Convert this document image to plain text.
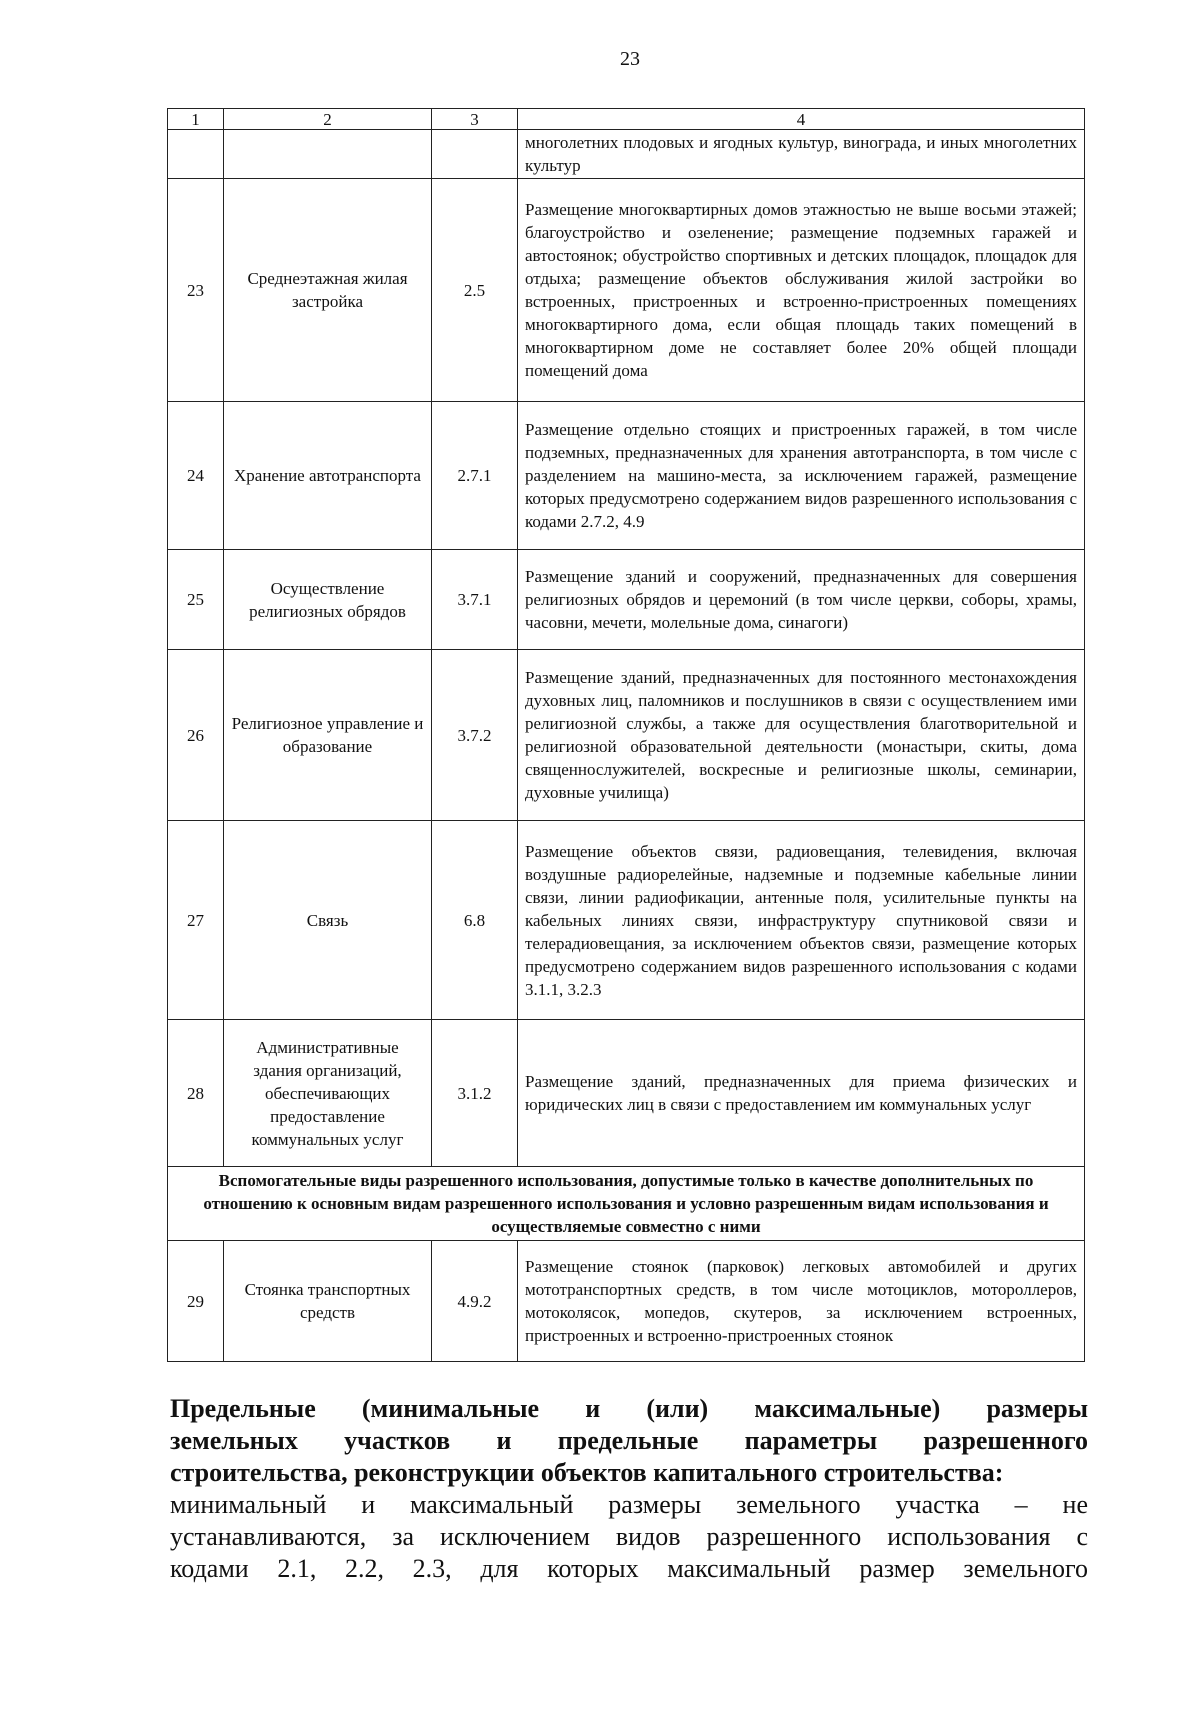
23
1	2	3	4
			многолетних плодовых и ягодных культур, винограда, и иных многолетних культур
23	Среднеэтажная жилая застройка	2.5	Размещение многоквартирных домов этажностью не выше восьми этажей; благоустройство и озеленение; размещение подземных гаражей и автостоянок; обустройство спортивных и детских площадок, площадок для отдыха; размещение объектов обслуживания жилой застройки во встроенных, пристроенных и встроенно-пристроенных помещениях многоквартирного дома, если общая площадь таких помещений в многоквартирном доме не составляет более 20% общей площади помещений дома
24	Хранение автотранспорта	2.7.1	Размещение отдельно стоящих и пристроенных гаражей, в том числе подземных, предназначенных для хранения автотранспорта, в том числе с разделением на машино-места, за исключением гаражей, размещение которых предусмотрено содержанием видов разрешенного использования с кодами 2.7.2, 4.9
25	Осуществление религиозных обрядов	3.7.1	Размещение зданий и сооружений, предназначенных для совершения религиозных обрядов и церемоний (в том числе церкви, соборы, храмы, часовни, мечети, молельные дома, синагоги)
26	Религиозное управление и образование	3.7.2	Размещение зданий, предназначенных для постоянного местонахождения духовных лиц, паломников и послушников в связи с осуществлением ими религиозной службы, а также для осуществления благотворительной и религиозной образовательной деятельности (монастыри, скиты, дома священнослужителей, воскресные и религиозные школы, семинарии, духовные училища)
27	Связь	6.8	Размещение объектов связи, радиовещания, телевидения, включая воздушные радиорелейные, надземные и подземные кабельные линии связи, линии радиофикации, антенные поля, усилительные пункты на кабельных линиях связи, инфраструктуру спутниковой связи и телерадиовещания, за исключением объектов связи, размещение которых предусмотрено содержанием видов разрешенного использования с кодами 3.1.1, 3.2.3
28	Административные здания организаций, обеспечивающих предоставление коммунальных услуг	3.1.2	Размещение зданий, предназначенных для приема физических и юридических лиц в связи с предоставлением им коммунальных услуг
Вспомогательные виды разрешенного использования, допустимые только в качестве дополнительных по отношению к основным видам разрешенного использования и условно разрешенным видам использования и осуществляемые совместно с ними			
29	Стоянка транспортных средств	4.9.2	Размещение стоянок (парковок) легковых автомобилей и других мототранспортных средств, в том числе мотоциклов, мотороллеров, мотоколясок, мопедов, скутеров, за исключением встроенных, пристроенных и встроенно-пристроенных стоянок
Предельные (минимальные и (или) максимальные) размеры
земельных участков и предельные параметры разрешенного
строительства, реконструкции объектов капитального строительства:
минимальный и максимальный размеры земельного участка – не
устанавливаются, за исключением видов разрешенного использования с
кодами 2.1, 2.2, 2.3, для которых максимальный размер земельного
